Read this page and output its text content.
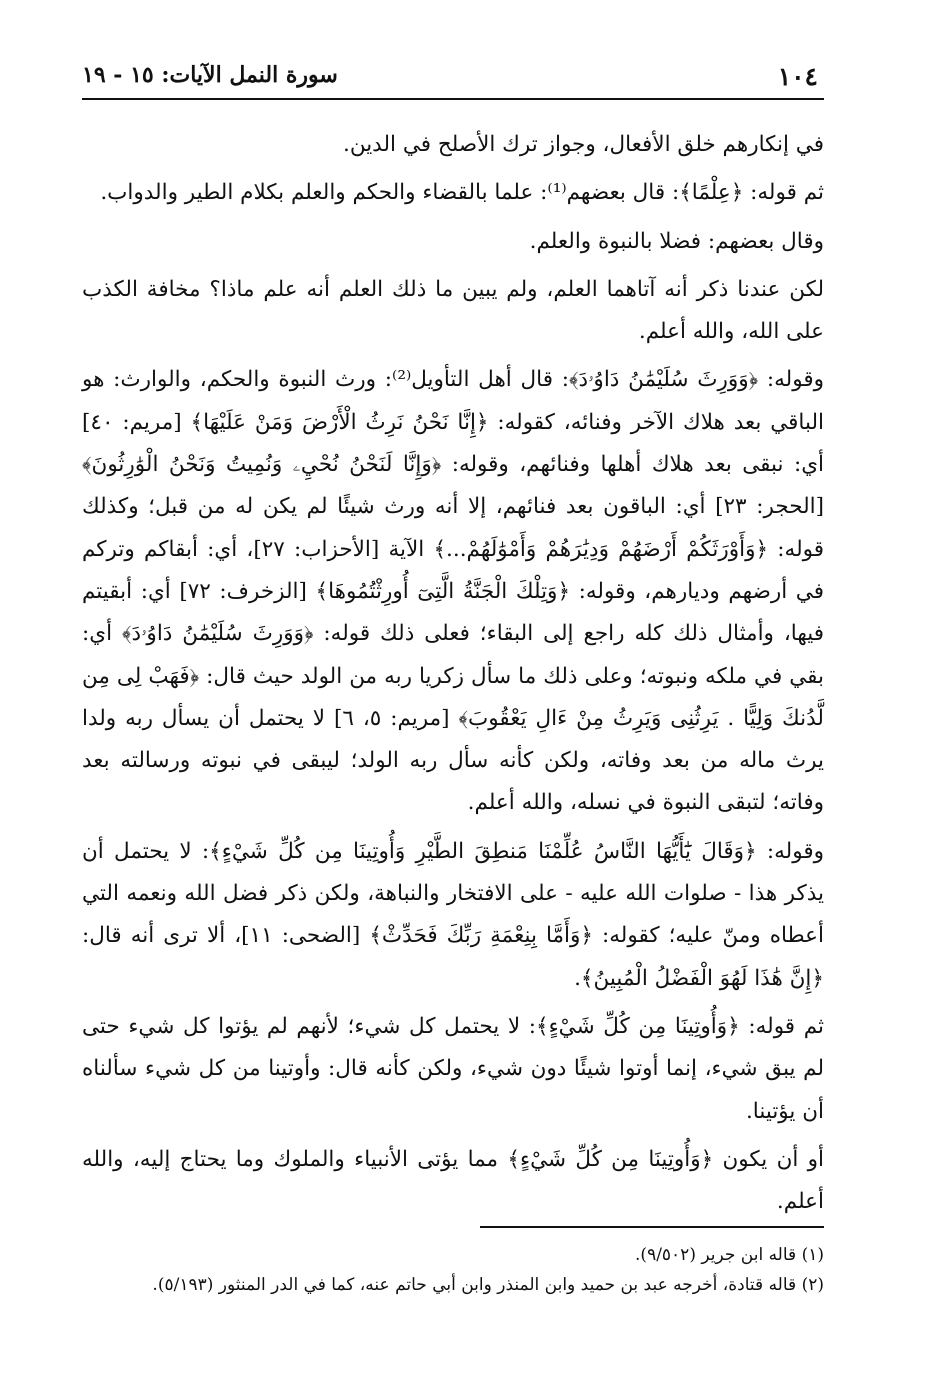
١٠٤
سورة النمل الآيات: ١٥ - ١٩

في إنكارهم خلق الأفعال، وجواز ترك الأصلح في الدين.

ثم قوله: ﴿عِلْمًا﴾: قال بعضهم⁽¹⁾: علما بالقضاء والحكم والعلم بكلام الطير والدواب.

وقال بعضهم: فضلا بالنبوة والعلم.

لكن عندنا ذكر أنه آتاهما العلم، ولم يبين ما ذلك العلم أنه علم ماذا؟ مخافة الكذب على الله، والله أعلم.

وقوله: ﴿وَوَرِثَ سُلَيْمَٰنُ دَاوُۥدَ﴾: قال أهل التأويل⁽²⁾: ورث النبوة والحكم، والوارث: هو الباقي بعد هلاك الآخر وفنائه، كقوله: ﴿إِنَّا نَحْنُ نَرِثُ الْأَرْضَ وَمَنْ عَلَيْهَا﴾ [مريم: ٤٠] أي: نبقى بعد هلاك أهلها وفنائهم، وقوله: ﴿وَإِنَّا لَنَحْنُ نُحْيِۦ وَنُمِيتُ وَنَحْنُ الْوَٰرِثُونَ﴾ [الحجر: ٢٣] أي: الباقون بعد فنائهم، إلا أنه ورث شيئًا لم يكن له من قبل؛ وكذلك قوله: ﴿وَأَوْرَثَكُمْ أَرْضَهُمْ وَدِيَٰرَهُمْ وَأَمْوَٰلَهُمْ...﴾ الآية [الأحزاب: ٢٧]، أي: أبقاكم وتركم في أرضهم وديارهم، وقوله: ﴿وَتِلْكَ الْجَنَّةُ الَّتِىٓ أُورِثْتُمُوهَا﴾ [الزخرف: ٧٢] أي: أبقيتم فيها، وأمثال ذلك كله راجع إلى البقاء؛ فعلى ذلك قوله: ﴿وَوَرِثَ سُلَيْمَٰنُ دَاوُۥدَ﴾ أي: بقي في ملكه ونبوته؛ وعلى ذلك ما سأل زكريا ربه من الولد حيث قال: ﴿فَهَبْ لِى مِن لَّدُنكَ وَلِيًّا . يَرِثُنِى وَيَرِثُ مِنْ ءَالِ يَعْقُوبَ﴾ [مريم: ٥، ٦] لا يحتمل أن يسأل ربه ولدا يرث ماله من بعد وفاته، ولكن كأنه سأل ربه الولد؛ ليبقى في نبوته ورسالته بعد وفاته؛ لتبقى النبوة في نسله، والله أعلم.

وقوله: ﴿وَقَالَ يَٰٓأَيُّهَا النَّاسُ عُلِّمْنَا مَنطِقَ الطَّيْرِ وَأُوتِينَا مِن كُلِّ شَيْءٍ﴾: لا يحتمل أن يذكر هذا - صلوات الله عليه - على الافتخار والنباهة، ولكن ذكر فضل الله ونعمه التي أعطاه ومنّ عليه؛ كقوله: ﴿وَأَمَّا بِنِعْمَةِ رَبِّكَ فَحَدِّثْ﴾ [الضحى: ١١]، ألا ترى أنه قال: ﴿إِنَّ هَٰذَا لَهُوَ الْفَضْلُ الْمُبِينُ﴾.

ثم قوله: ﴿وَأُوتِينَا مِن كُلِّ شَيْءٍ﴾: لا يحتمل كل شيء؛ لأنهم لم يؤتوا كل شيء حتى لم يبق شيء، إنما أوتوا شيئًا دون شيء، ولكن كأنه قال: وأوتينا من كل شيء سألناه أن يؤتينا.

أو أن يكون ﴿وَأُوتِينَا مِن كُلِّ شَيْءٍ﴾ مما يؤتى الأنبياء والملوك وما يحتاج إليه، والله أعلم.

(١) قاله ابن جرير (٩/٥٠٢).

(٢) قاله قتادة، أخرجه عبد بن حميد وابن المنذر وابن أبي حاتم عنه، كما في الدر المنثور (٥/١٩٣).
